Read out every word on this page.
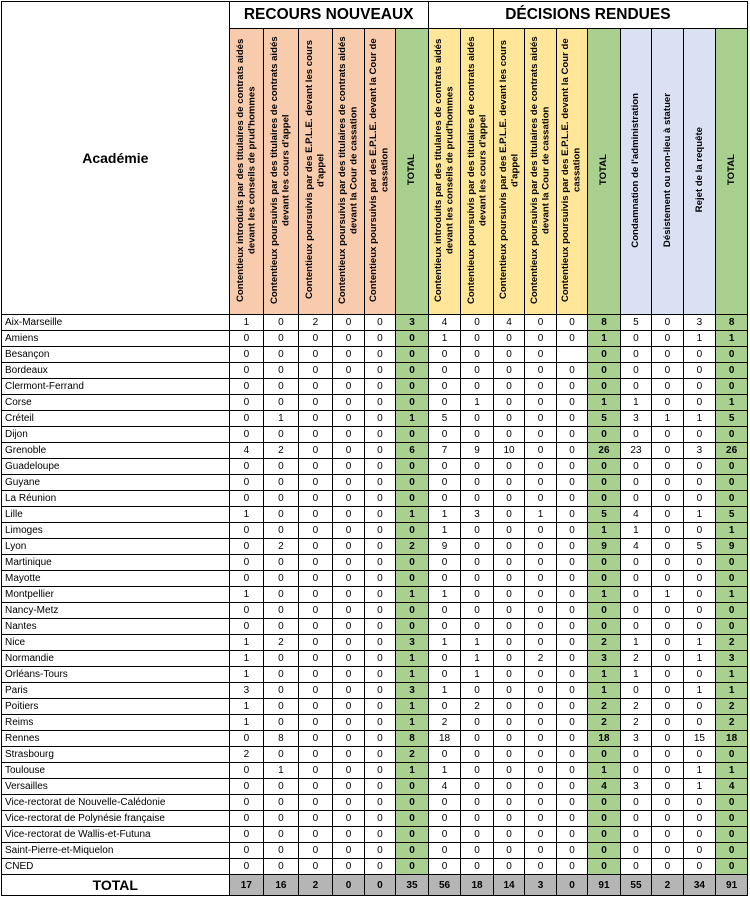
Académie	RECOURS NOUVEAUX						DÉCISIONS RENDUES									
	Contentieux introduits par des titulaires de contrats aidés devant les conseils de prud'hommes	Contentieux poursuivis par des titulaires de contrats aidés devant les cours d'appel	Contentieux poursuivis par des E.P.L.E. devant les cours d'appel	Contentieux poursuivis par des titulaires de contrats aidés devant la Cour de cassation	Contentieux poursuivis par des E.P.L.E. devant la Cour de cassation	TOTAL	Contentieux introduits par des titulaires de contrats aidés devant les conseils de prud'hommes	Contentieux poursuivis par des titulaires de contrats aidés devant les cours d'appel	Contentieux poursuivis par des E.P.L.E. devant les cours d'appel	Contentieux poursuivis par des titulaires de contrats aidés devant la Cour de cassation	Contentieux poursuivis par des E.P.L.E. devant la Cour de cassation	TOTAL	Condamnation de l'administration	Désistement ou non-lieu à statuer	Rejet de la requête	TOTAL
Aix-Marseille	1	0	2	0	0	3	4	0	4	0	0	8	5	0	3	8
Amiens	0	0	0	0	0	0	1	0	0	0	0	1	0	0	1	1
Besançon	0	0	0	0	0	0	0	0	0	0		0	0	0	0	0
Bordeaux	0	0	0	0	0	0	0	0	0	0	0	0	0	0	0	0
Clermont-Ferrand	0	0	0	0	0	0	0	0	0	0	0	0	0	0	0	0
Corse	0	0	0	0	0	0	0	1	0	0	0	1	1	0	0	1
Créteil	0	1	0	0	0	1	5	0	0	0	0	5	3	1	1	5
Dijon	0	0	0	0	0	0	0	0	0	0	0	0	0	0	0	0
Grenoble	4	2	0	0	0	6	7	9	10	0	0	26	23	0	3	26
Guadeloupe	0	0	0	0	0	0	0	0	0	0	0	0	0	0	0	0
Guyane	0	0	0	0	0	0	0	0	0	0	0	0	0	0	0	0
La Réunion	0	0	0	0	0	0	0	0	0	0	0	0	0	0	0	0
Lille	1	0	0	0	0	1	1	3	0	1	0	5	4	0	1	5
Limoges	0	0	0	0	0	0	1	0	0	0	0	1	1	0	0	1
Lyon	0	2	0	0	0	2	9	0	0	0	0	9	4	0	5	9
Martinique	0	0	0	0	0	0	0	0	0	0	0	0	0	0	0	0
Mayotte	0	0	0	0	0	0	0	0	0	0	0	0	0	0	0	0
Montpellier	1	0	0	0	0	1	1	0	0	0	0	1	0	1	0	1
Nancy-Metz	0	0	0	0	0	0	0	0	0	0	0	0	0	0	0	0
Nantes	0	0	0	0	0	0	0	0	0	0	0	0	0	0	0	0
Nice	1	2	0	0	0	3	1	1	0	0	0	2	1	0	1	2
Normandie	1	0	0	0	0	1	0	1	0	2	0	3	2	0	1	3
Orléans-Tours	1	0	0	0	0	1	0	1	0	0	0	1	1	0	0	1
Paris	3	0	0	0	0	3	1	0	0	0	0	1	0	0	1	1
Poitiers	1	0	0	0	0	1	0	2	0	0	0	2	2	0	0	2
Reims	1	0	0	0	0	1	2	0	0	0	0	2	2	0	0	2
Rennes	0	8	0	0	0	8	18	0	0	0	0	18	3	0	15	18
Strasbourg	2	0	0	0	0	2	0	0	0	0	0	0	0	0	0	0
Toulouse	0	1	0	0	0	1	1	0	0	0	0	1	0	0	1	1
Versailles	0	0	0	0	0	0	4	0	0	0	0	4	3	0	1	4
Vice-rectorat de Nouvelle-Calédonie	0	0	0	0	0	0	0	0	0	0	0	0	0	0	0	0
Vice-rectorat de Polynésie française	0	0	0	0	0	0	0	0	0	0	0	0	0	0	0	0
Vice-rectorat de Wallis-et-Futuna	0	0	0	0	0	0	0	0	0	0	0	0	0	0	0	0
Saint-Pierre-et-Miquelon	0	0	0	0	0	0	0	0	0	0	0	0	0	0	0	0
CNED	0	0	0	0	0	0	0	0	0	0	0	0	0	0	0	0
TOTAL	17	16	2	0	0	35	56	18	14	3	0	91	55	2	34	91
